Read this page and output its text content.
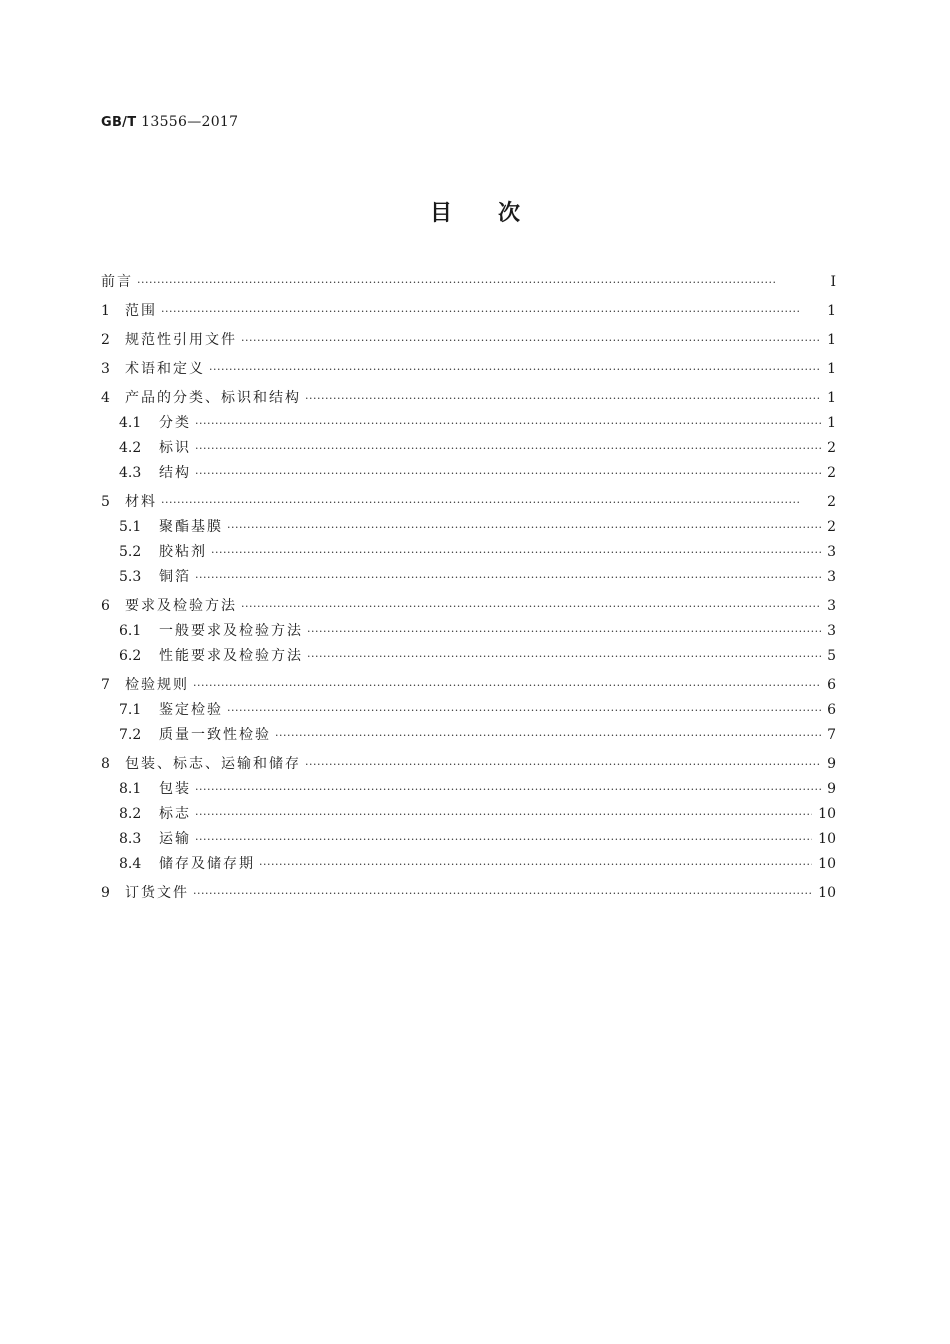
GB/T 13556—2017
目次
前言 ·····	Ⅰ
1	范围 ·····	1
2	规范性引用文件 ·····	1
3	术语和定义 ·····	1
4	产品的分类、标识和结构 ·····	1
4.1	分类 ·····	1
4.2	标识 ·····	2
4.3	结构 ·····	2
5	材料 ·····	2
5.1	聚酯基膜 ·····	2
5.2	胶粘剂 ·····	3
5.3	铜箔 ·····	3
6	要求及检验方法 ·····	3
6.1	一般要求及检验方法 ·····	3
6.2	性能要求及检验方法 ·····	5
7	检验规则 ·····	6
7.1	鉴定检验 ·····	6
7.2	质量一致性检验 ·····	7
8	包装、标志、运输和储存 ·····	9
8.1	包装 ·····	9
8.2	标志 ·····	10
8.3	运输 ·····	10
8.4	储存及储存期 ·····	10
9	订货文件 ·····	10
